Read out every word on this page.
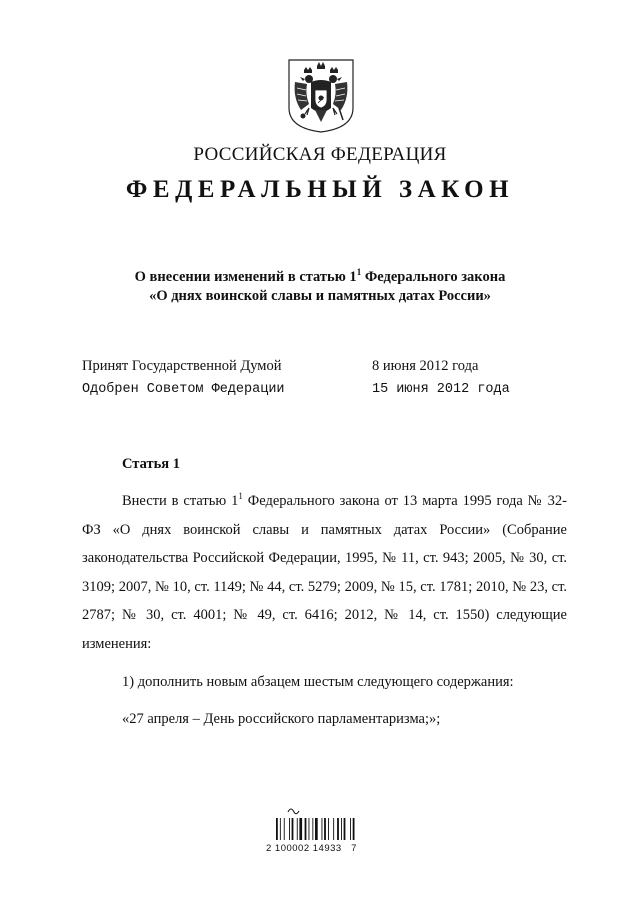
РОССИЙСКАЯ ФЕДЕРАЦИЯ
ФЕДЕРАЛЬНЫЙ ЗАКОН
О внесении изменений в статью $1^1$ Федерального закона
«О днях воинской славы и памятных датах России»
Принят Государственной Думой	8 июня 2012 года
Одобрен Советом Федерации	15 июня 2012 года
Статья 1

Внести в статью $1^1$ Федерального закона от 13 марта 1995 года № 32-ФЗ «О днях воинской славы и памятных датах России» (Собрание законодательства Российской Федерации, 1995, № 11, ст. 943; 2005, № 30, ст. 3109; 2007, № 10, ст. 1149; № 44, ст. 5279; 2009, № 15, ст. 1781; 2010, № 23, ст. 2787; № 30, ст. 4001; № 49, ст. 6416; 2012, № 14, ст. 1550) следующие изменения:

1) дополнить новым абзацем шестым следующего содержания:

«27 апреля – День российского парламентаризма;»;

2 100002 14933   7
